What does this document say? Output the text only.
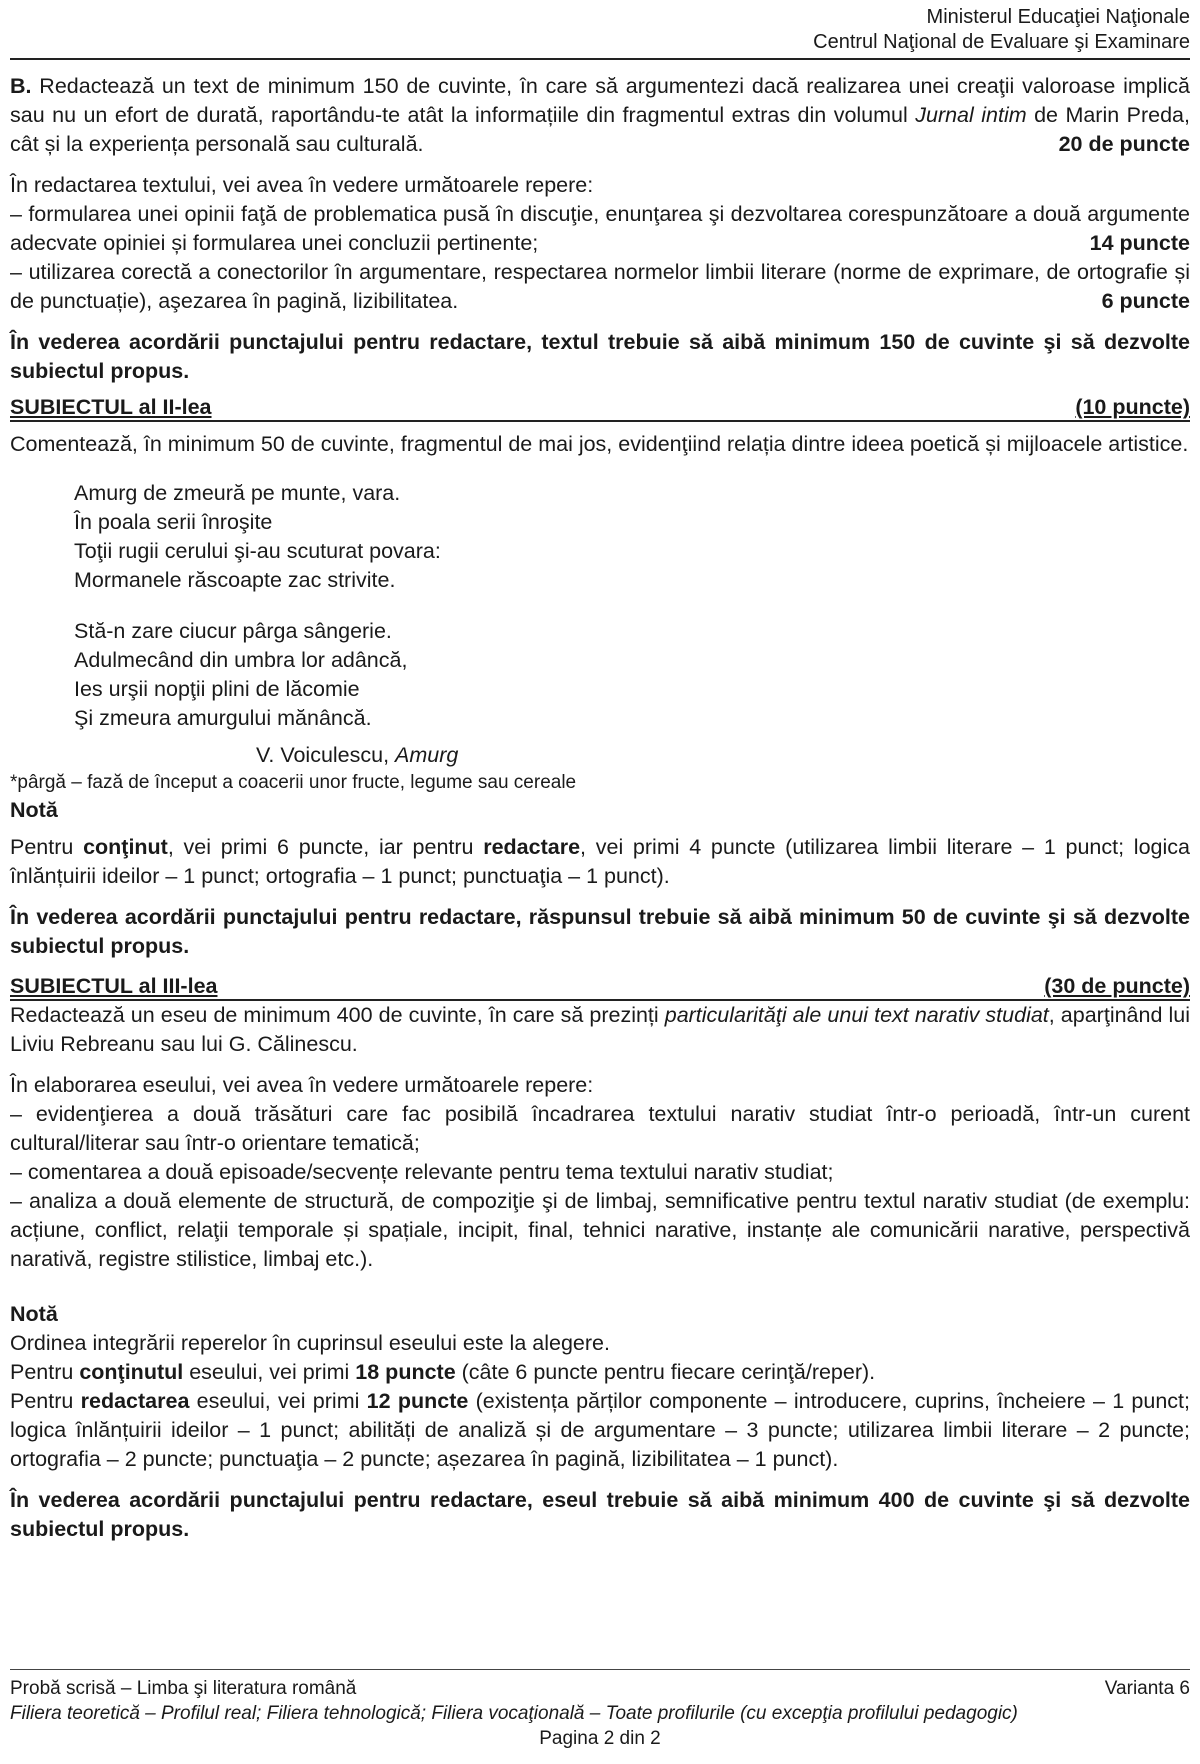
Ministerul Educaţiei Naţionale
Centrul Naţional de Evaluare şi Examinare

B. Redactează un text de minimum 150 de cuvinte, în care să argumentezi dacă realizarea unei creaţii valoroase implică sau nu un efort de durată, raportându-te atât la informațiile din fragmentul extras din volumul Jurnal intim de Marin Preda, cât și la experiența personală sau culturală.	20 de puncte

În redactarea textului, vei avea în vedere următoarele repere:

– formularea unei opinii faţă de problematica pusă în discuţie, enunţarea şi dezvoltarea corespunzătoare a două argumente adecvate opiniei și formularea unei concluzii pertinente;	14 puncte

– utilizarea corectă a conectorilor în argumentare, respectarea normelor limbii literare (norme de exprimare, de ortografie și de punctuație), aşezarea în pagină, lizibilitatea.	6 puncte

În vederea acordării punctajului pentru redactare, textul trebuie să aibă minimum 150 de cuvinte şi să dezvolte subiectul propus.

SUBIECTUL al II-lea	(10 puncte)

Comentează, în minimum 50 de cuvinte, fragmentul de mai jos, evidenţiind relația dintre ideea poetică și mijloacele artistice.

Amurg de zmeură pe munte, vara.

În poala serii înroşite

Toţii rugii cerului şi-au scuturat povara:

Mormanele răscoapte zac strivite.

Stă-n zare ciucur pârga sângerie.

Adulmecând din umbra lor adâncă,

Ies urşii nopţii plini de lăcomie

Şi zmeura amurgului mănâncă.

V. Voiculescu, Amurg

*pârgă – fază de început a coacerii unor fructe, legume sau cereale

Notă

Pentru conţinut, vei primi 6 puncte, iar pentru redactare, vei primi 4 puncte (utilizarea limbii literare – 1 punct; logica înlănțuirii ideilor – 1 punct; ortografia – 1 punct; punctuaţia – 1 punct).

În vederea acordării punctajului pentru redactare, răspunsul trebuie să aibă minimum 50 de cuvinte şi să dezvolte subiectul propus.

SUBIECTUL al III-lea	(30 de puncte)

Redactează un eseu de minimum 400 de cuvinte, în care să prezinți particularităţi ale unui text narativ studiat, aparţinând lui Liviu Rebreanu sau lui G. Călinescu.

În elaborarea eseului, vei avea în vedere următoarele repere:

– evidenţierea a două trăsături care fac posibilă încadrarea textului narativ studiat într-o perioadă, într-un curent cultural/literar sau într-o orientare tematică;

– comentarea a două episoade/secvențe relevante pentru tema textului narativ studiat;

– analiza a două elemente de structură, de compoziţie şi de limbaj, semnificative pentru textul narativ studiat (de exemplu: acțiune, conflict, relaţii temporale și spațiale, incipit, final, tehnici narative, instanțe ale comunicării narative, perspectivă narativă, registre stilistice, limbaj etc.).

Notă

Ordinea integrării reperelor în cuprinsul eseului este la alegere.

Pentru conţinutul eseului, vei primi 18 puncte (câte 6 puncte pentru fiecare cerinţă/reper).

Pentru redactarea eseului, vei primi 12 puncte (existența părților componente – introducere, cuprins, încheiere – 1 punct; logica înlănțuirii ideilor – 1 punct; abilități de analiză și de argumentare – 3 puncte; utilizarea limbii literare – 2 puncte; ortografia – 2 puncte; punctuaţia – 2 puncte; așezarea în pagină, lizibilitatea – 1 punct).

În vederea acordării punctajului pentru redactare, eseul trebuie să aibă minimum 400 de cuvinte şi să dezvolte subiectul propus.

Probă scrisă – Limba şi literatura română	Varianta 6
Filiera teoretică – Profilul real; Filiera tehnologică; Filiera vocaţională – Toate profilurile (cu excepţia profilului pedagogic)
Pagina 2 din 2
